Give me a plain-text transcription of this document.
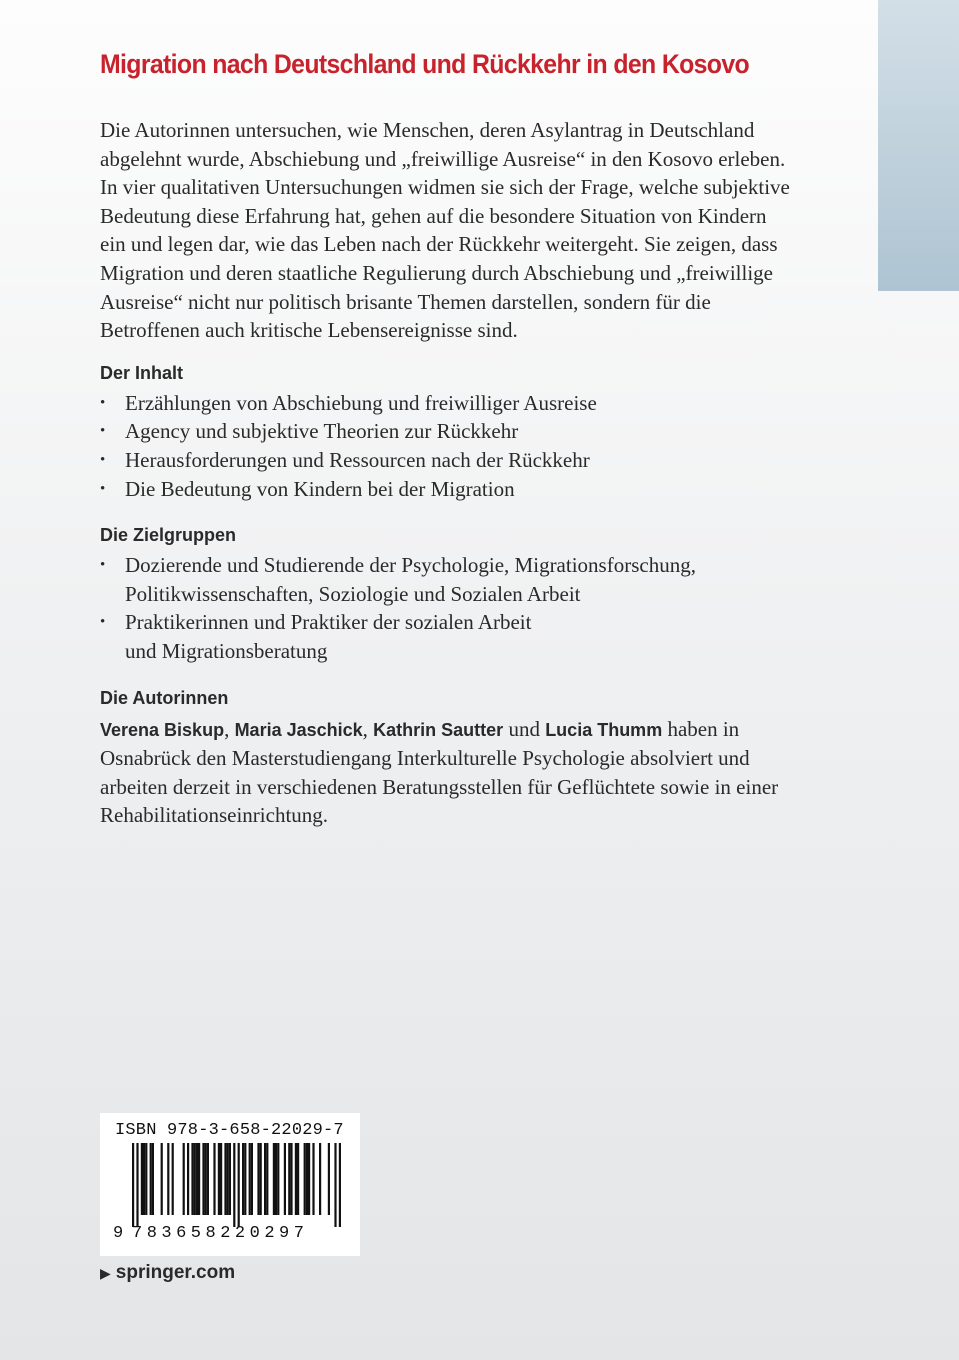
Migration nach Deutschland und Rückkehr in den Kosovo

Die Autorinnen untersuchen, wie Menschen, deren Asylantrag in Deutschland
abgelehnt wurde, Abschiebung und „freiwillige Ausreise“ in den Kosovo erleben.
In vier qualitativen Untersuchungen widmen sie sich der Frage, welche subjektive
Bedeutung diese Erfahrung hat, gehen auf die besondere Situation von Kindern
ein und legen dar, wie das Leben nach der Rückkehr weitergeht. Sie zeigen, dass
Migration und deren staatliche Regulierung durch Abschiebung und „freiwillige
Ausreise“ nicht nur politisch brisante Themen darstellen, sondern für die
Betroffenen auch kritische Lebensereignisse sind.

Der Inhalt
• Erzählungen von Abschiebung und freiwilliger Ausreise
• Agency und subjektive Theorien zur Rückkehr
• Herausforderungen und Ressourcen nach der Rückkehr
• Die Bedeutung von Kindern bei der Migration
Die Zielgruppen
• Dozierende und Studierende der Psychologie, Migrationsforschung,
Politikwissenschaften, Soziologie und Sozialen Arbeit
• Praktikerinnen und Praktiker der sozialen Arbeit
und Migrationsberatung
Die Autorinnen

Verena Biskup, Maria Jaschick, Kathrin Sautter und Lucia Thumm haben in
Osnabrück den Masterstudiengang Interkulturelle Psychologie absolviert und
arbeiten derzeit in verschiedenen Beratungsstellen für Geflüchtete sowie in einer
Rehabilitationseinrichtung.

ISBN 978-3-658-22029-7
9 783658220297
▶ springer.com
